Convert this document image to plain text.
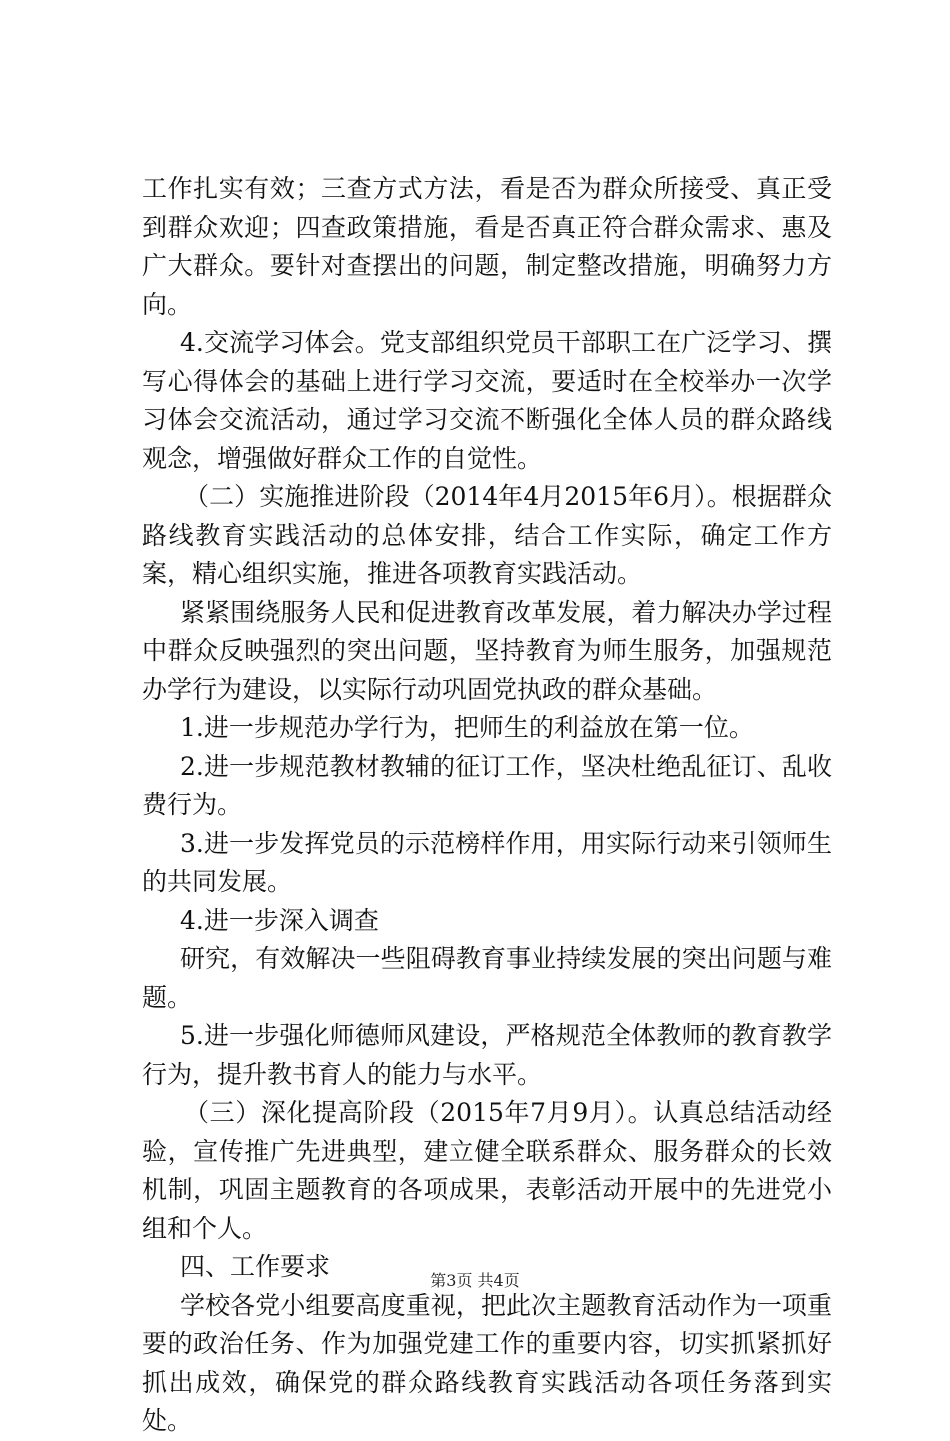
工作扎实有效；三查方式方法，看是否为群众所接受、真正受到群众欢迎；四查政策措施，看是否真正符合群众需求、惠及广大群众。要针对查摆出的问题，制定整改措施，明确努力方向。

4.交流学习体会。党支部组织党员干部职工在广泛学习、撰写心得体会的基础上进行学习交流，要适时在全校举办一次学习体会交流活动，通过学习交流不断强化全体人员的群众路线观念，增强做好群众工作的自觉性。

（二）实施推进阶段（2014年4月2015年6月）。根据群众路线教育实践活动的总体安排，结合工作实际，确定工作方案，精心组织实施，推进各项教育实践活动。

紧紧围绕服务人民和促进教育改革发展，着力解决办学过程中群众反映强烈的突出问题，坚持教育为师生服务，加强规范办学行为建设，以实际行动巩固党执政的群众基础。

1.进一步规范办学行为，把师生的利益放在第一位。

2.进一步规范教材教辅的征订工作，坚决杜绝乱征订、乱收费行为。

3.进一步发挥党员的示范榜样作用，用实际行动来引领师生的共同发展。

4.进一步深入调查

研究，有效解决一些阻碍教育事业持续发展的突出问题与难题。

5.进一步强化师德师风建设，严格规范全体教师的教育教学行为，提升教书育人的能力与水平。

（三）深化提高阶段（2015年7月9月）。认真总结活动经验，宣传推广先进典型，建立健全联系群众、服务群众的长效机制，巩固主题教育的各项成果，表彰活动开展中的先进党小组和个人。

四、工作要求

学校各党小组要高度重视，把此次主题教育活动作为一项重要的政治任务、作为加强党建工作的重要内容，切实抓紧抓好抓出成效，确保党的群众路线教育实践活动各项任务落到实处。

第3页 共4页
